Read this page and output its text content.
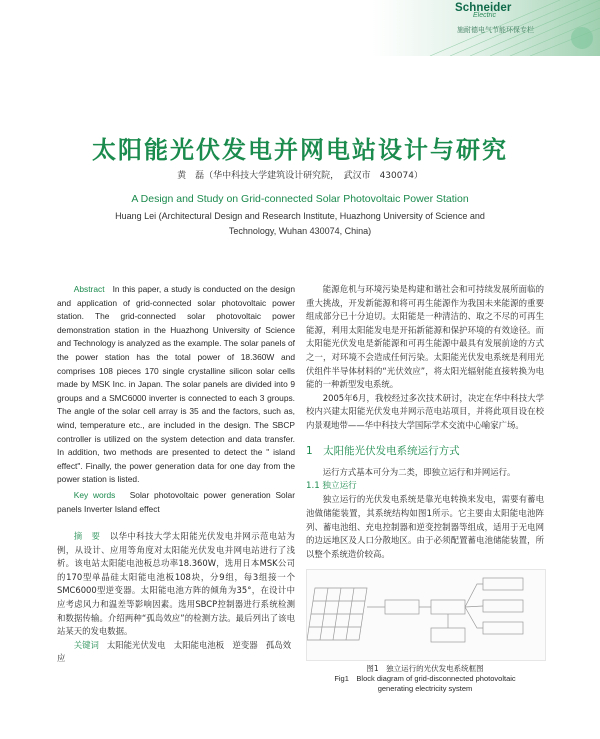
Schneider
Electric
施耐德电气节能环保专栏
太阳能光伏发电并网电站设计与研究
黄　磊（华中科技大学建筑设计研究院，　武汉市　430074）
A Design and Study on Grid-connected Solar Photovoltaic Power Station
Huang Lei (Architectural Design and Research Institute, Huazhong University of Science and
Technology, Wuhan 430074, China)
Abstract In this paper, a study is conducted on the design and application of grid-connected solar photovoltaic power station. The grid-connected solar photovoltaic power demonstration station in the Huazhong University of Science and Technology is analyzed as the example. The solar panels of the power station has the total power of 18.360W and comprises 108 pieces 170 single crystalline silicon solar cells made by MSK Inc. in Japan. The solar panels are divided into 9 groups and a SMC6000 inverter is connected to each 3 groups. The angle of the solar cell array is 35 and the factors, such as, wind, temperature etc., are included in the design. The SBCP controller is utilized on the system detection and data transfer. In addition, two methods are presented to detect the " island effect". Finally, the power generation data for one day from the power station is listed.
Key words Solar photovoltaic power generation Solar panels Inverter Island effect
摘　要 以华中科技大学太阳能光伏发电并网示范电站为例，从设计、应用等角度对太阳能光伏发电并网电站进行了浅析。该电站太阳能电池板总功率18.360W，选用日本MSK公司的170型单晶硅太阳能电池板108块，分9组，每3组接一个SMC6000型逆变器。太阳能电池方阵的倾角为35°，在设计中应考虑风力和温差等影响因素。选用SBCP控制器进行系统检测和数据传输。介绍两种“孤岛效应”的检测方法。最后列出了该电站某天的发电数据。
关键词 太阳能光伏发电　太阳能电池板　逆变器　孤岛效应

能源危机与环境污染是构建和谐社会和可持续发展所面临的重大挑战，开发新能源和将可再生能源作为我国未来能源的重要组成部分已十分迫切。太阳能是一种清洁的、取之不尽的可再生能源，利用太阳能发电是开拓新能源和保护环境的有效途径。而太阳能光伏发电是新能源和可再生能源中最具有发展前途的方式之一，对环境不会造成任何污染。太阳能光伏发电系统是利用光伏组件半导体材料的“光伏效应”，将太阳光辐射能直接转换为电能的一种新型发电系统。

2005年6月，我校经过多次技术研讨，决定在华中科技大学校内兴建太阳能光伏发电并网示范电站项目，并将此项目设在校内景观地带——华中科技大学国际学术交流中心喻家广场。

1　太阳能光伏发电系统运行方式

运行方式基本可分为二类，即独立运行和并网运行。

1.1 独立运行

独立运行的光伏发电系统是靠光电转换来发电，需要有蓄电池做储能装置，其系统结构如图1所示。它主要由太阳能电池阵列、蓄电池组、充电控制器和逆变控制器等组成，适用于无电网的边远地区及人口分散地区。由于必须配置蓄电池储能装置，所以整个系统造价较高。

图1　独立运行的光伏发电系统框图
Fig1　Block diagram of grid-disconnected photovoltaic
generating electricity system
